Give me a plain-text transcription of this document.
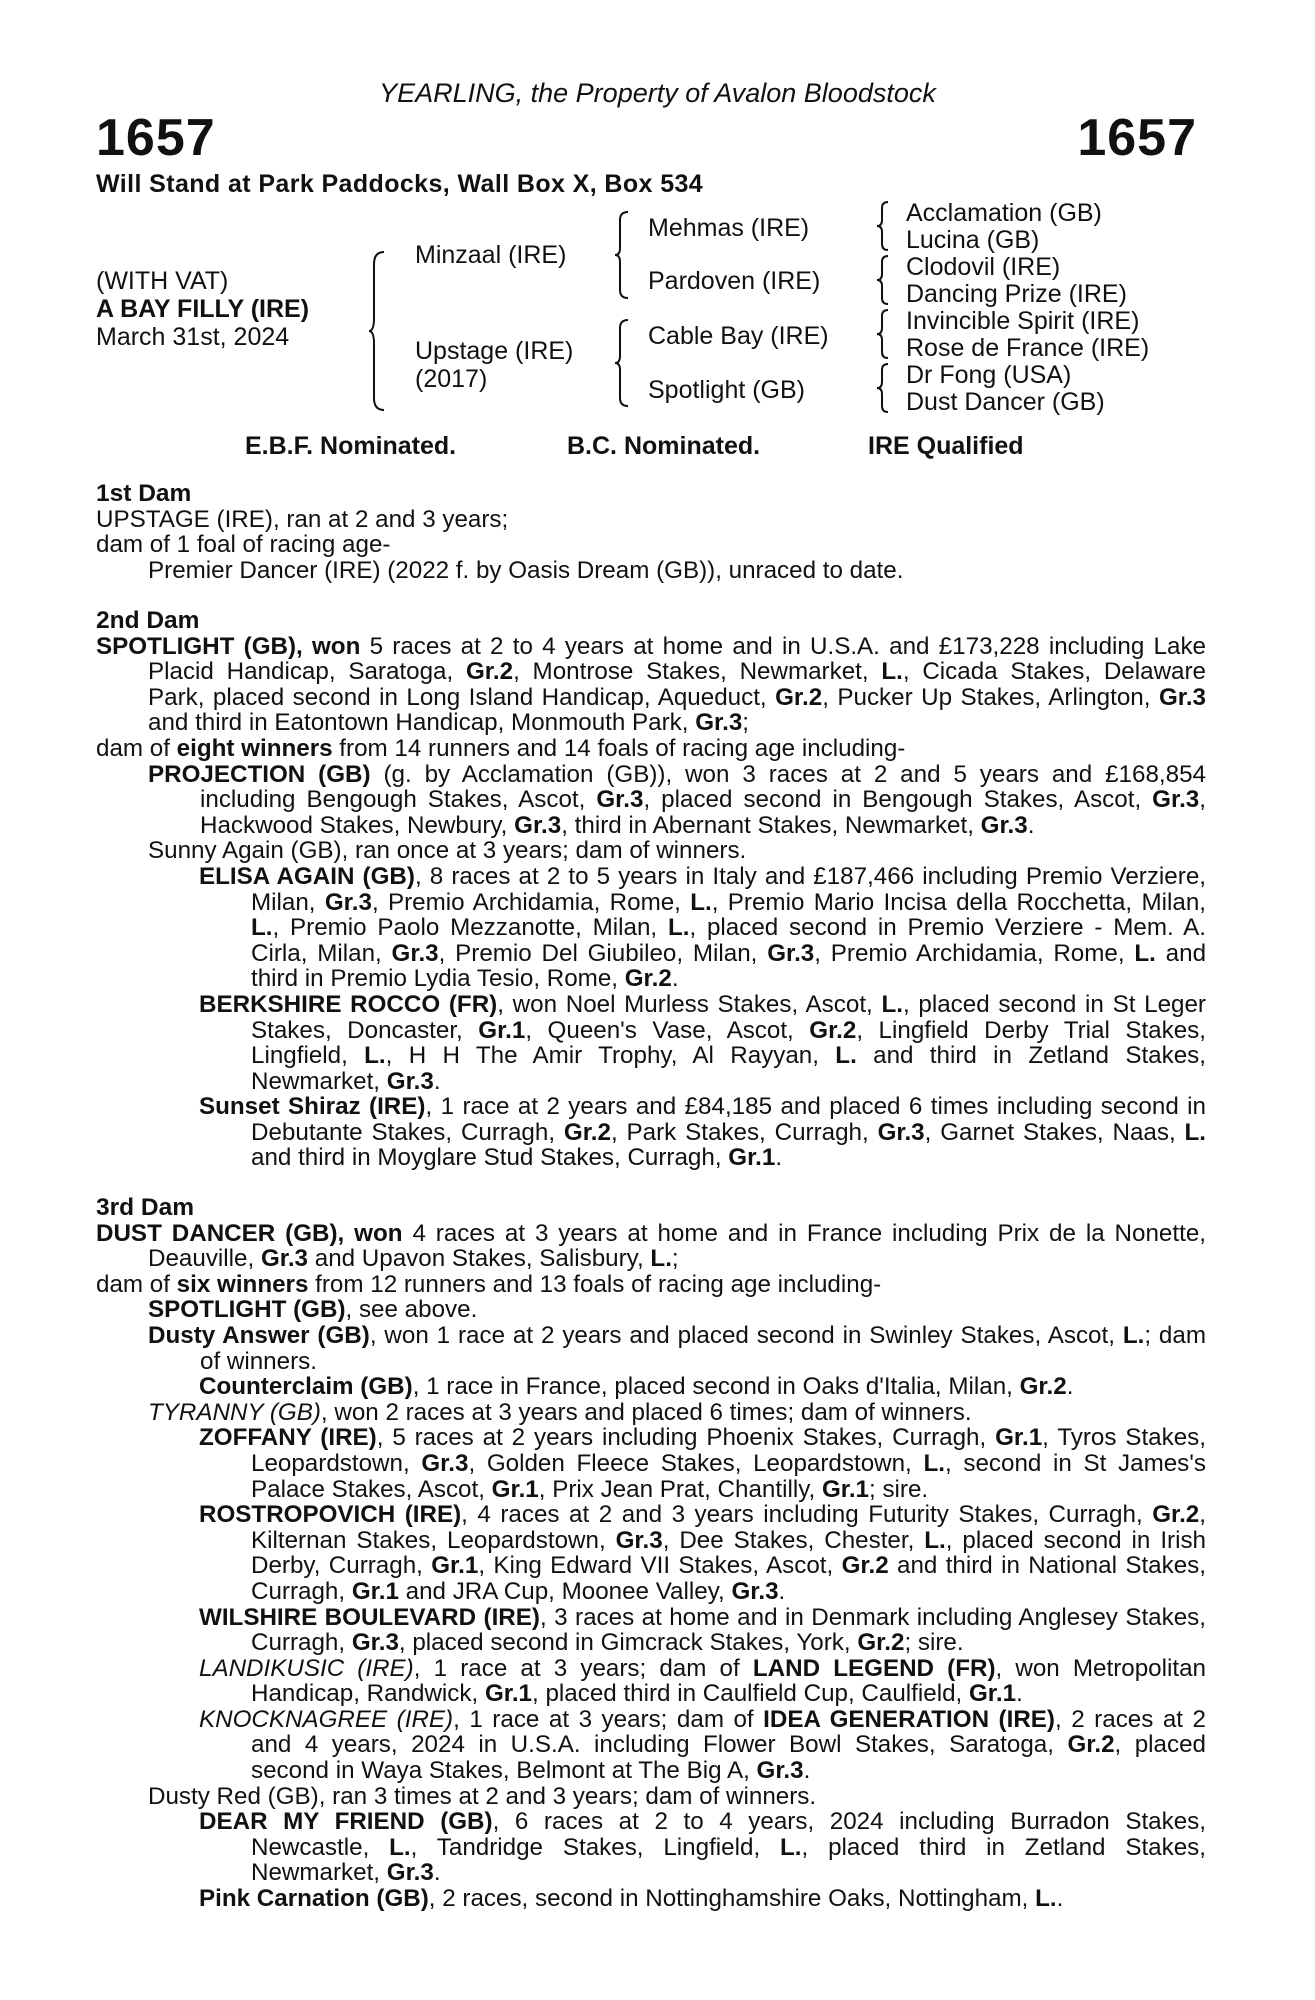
YEARLING, the Property of Avalon Bloodstock
1657	1657
Will Stand at Park Paddocks, Wall Box X, Box 534
(WITH VAT)
A BAY FILLY (IRE)
March 31st, 2024
Minzaal (IRE)
Upstage (IRE)
(2017)
Mehmas (IRE)
Pardoven (IRE)
Cable Bay (IRE)
Spotlight (GB)
Acclamation (GB)
Lucina (GB)
Clodovil (IRE)
Dancing Prize (IRE)
Invincible Spirit (IRE)
Rose de France (IRE)
Dr Fong (USA)
Dust Dancer (GB)
E.B.F. Nominated.	B.C. Nominated.	IRE Qualified

1st Dam

UPSTAGE (IRE), ran at 2 and 3 years;

dam of 1 foal of racing age-

Premier Dancer (IRE) (2022 f. by Oasis Dream (GB)), unraced to date.

2nd Dam

SPOTLIGHT (GB), won 5 races at 2 to 4 years at home and in U.S.A. and £173,228 including Lake Placid Handicap, Saratoga, Gr.2, Montrose Stakes, Newmarket, L., Cicada Stakes, Delaware Park, placed second in Long Island Handicap, Aqueduct, Gr.2, Pucker Up Stakes, Arlington, Gr.3 and third in Eatontown Handicap, Monmouth Park, Gr.3;

dam of eight winners from 14 runners and 14 foals of racing age including-

PROJECTION (GB) (g. by Acclamation (GB)), won 3 races at 2 and 5 years and £168,854 including Bengough Stakes, Ascot, Gr.3, placed second in Bengough Stakes, Ascot, Gr.3, Hackwood Stakes, Newbury, Gr.3, third in Abernant Stakes, Newmarket, Gr.3.

Sunny Again (GB), ran once at 3 years; dam of winners.

ELISA AGAIN (GB), 8 races at 2 to 5 years in Italy and £187,466 including Premio Verziere, Milan, Gr.3, Premio Archidamia, Rome, L., Premio Mario Incisa della Rocchetta, Milan, L., Premio Paolo Mezzanotte, Milan, L., placed second in Premio Verziere - Mem. A. Cirla, Milan, Gr.3, Premio Del Giubileo, Milan, Gr.3, Premio Archidamia, Rome, L. and third in Premio Lydia Tesio, Rome, Gr.2.

BERKSHIRE ROCCO (FR), won Noel Murless Stakes, Ascot, L., placed second in St Leger Stakes, Doncaster, Gr.1, Queen's Vase, Ascot, Gr.2, Lingfield Derby Trial Stakes, Lingfield, L., H H The Amir Trophy, Al Rayyan, L. and third in Zetland Stakes, Newmarket, Gr.3.

Sunset Shiraz (IRE), 1 race at 2 years and £84,185 and placed 6 times including second in Debutante Stakes, Curragh, Gr.2, Park Stakes, Curragh, Gr.3, Garnet Stakes, Naas, L. and third in Moyglare Stud Stakes, Curragh, Gr.1.

3rd Dam

DUST DANCER (GB), won 4 races at 3 years at home and in France including Prix de la Nonette, Deauville, Gr.3 and Upavon Stakes, Salisbury, L.;

dam of six winners from 12 runners and 13 foals of racing age including-

SPOTLIGHT (GB), see above.

Dusty Answer (GB), won 1 race at 2 years and placed second in Swinley Stakes, Ascot, L.; dam of winners.

Counterclaim (GB), 1 race in France, placed second in Oaks d'Italia, Milan, Gr.2.

TYRANNY (GB), won 2 races at 3 years and placed 6 times; dam of winners.

ZOFFANY (IRE), 5 races at 2 years including Phoenix Stakes, Curragh, Gr.1, Tyros Stakes, Leopardstown, Gr.3, Golden Fleece Stakes, Leopardstown, L., second in St James's Palace Stakes, Ascot, Gr.1, Prix Jean Prat, Chantilly, Gr.1; sire.

ROSTROPOVICH (IRE), 4 races at 2 and 3 years including Futurity Stakes, Curragh, Gr.2, Kilternan Stakes, Leopardstown, Gr.3, Dee Stakes, Chester, L., placed second in Irish Derby, Curragh, Gr.1, King Edward VII Stakes, Ascot, Gr.2 and third in National Stakes, Curragh, Gr.1 and JRA Cup, Moonee Valley, Gr.3.

WILSHIRE BOULEVARD (IRE), 3 races at home and in Denmark including Anglesey Stakes, Curragh, Gr.3, placed second in Gimcrack Stakes, York, Gr.2; sire.

LANDIKUSIC (IRE), 1 race at 3 years; dam of LAND LEGEND (FR), won Metropolitan Handicap, Randwick, Gr.1, placed third in Caulfield Cup, Caulfield, Gr.1.

KNOCKNAGREE (IRE), 1 race at 3 years; dam of IDEA GENERATION (IRE), 2 races at 2 and 4 years, 2024 in U.S.A. including Flower Bowl Stakes, Saratoga, Gr.2, placed second in Waya Stakes, Belmont at The Big A, Gr.3.

Dusty Red (GB), ran 3 times at 2 and 3 years; dam of winners.

DEAR MY FRIEND (GB), 6 races at 2 to 4 years, 2024 including Burradon Stakes, Newcastle, L., Tandridge Stakes, Lingfield, L., placed third in Zetland Stakes, Newmarket, Gr.3.

Pink Carnation (GB), 2 races, second in Nottinghamshire Oaks, Nottingham, L..
